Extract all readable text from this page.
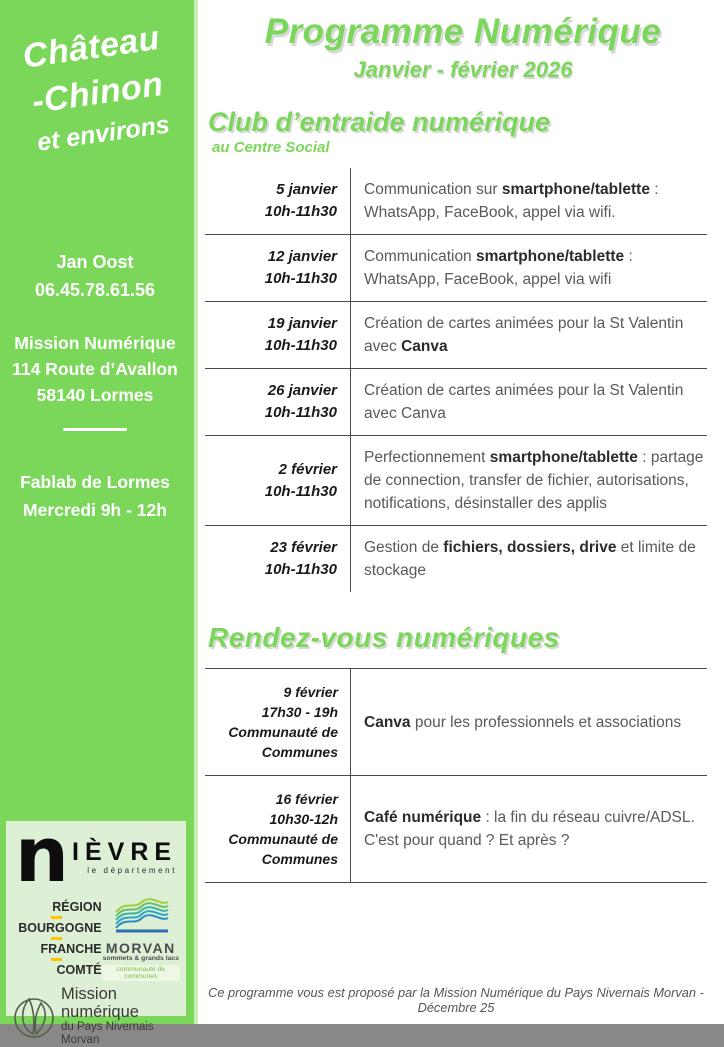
Château
-Chinon
et environs
Jan Oost
06.45.78.61.56
Mission Numérique
114 Route d’Avallon
58140 Lormes
Fablab de Lormes
Mercredi 9h - 12h
n IÈVRE
le département
RÉGION
BOURGOGNE
FRANCHE
COMTÉ
MORVAN
sommets & grands lacs
communauté de communes
Mission numérique
du Pays Nivernais Morvan
Programme Numérique
Janvier - février 2026
Club d’entraide numérique
au Centre Social
5 janvier
10h-11h30
Communication sur smartphone/tablette : WhatsApp, FaceBook, appel via wifi.
12 janvier
10h-11h30
Communication smartphone/tablette : WhatsApp, FaceBook, appel via wifi
19 janvier
10h-11h30
Création de cartes animées pour la St Valentin avec Canva
26 janvier
10h-11h30
Création de cartes animées pour la St Valentin avec Canva
2 février
10h-11h30
Perfectionnement smartphone/tablette : partage de connection, transfer de fichier, autorisations, notifications, désinstaller des applis
23 février
10h-11h30
Gestion de fichiers, dossiers, drive et limite de stockage
Rendez-vous numériques
9 février
17h30 - 19h
Communauté de
Communes
Canva pour les professionnels et associations
16 février
10h30-12h
Communauté de
Communes
Café numérique : la fin du réseau cuivre/ADSL. C'est pour quand ? Et après ?
Ce programme vous est proposé par la Mission Numérique du Pays Nivernais Morvan - Décembre 25
